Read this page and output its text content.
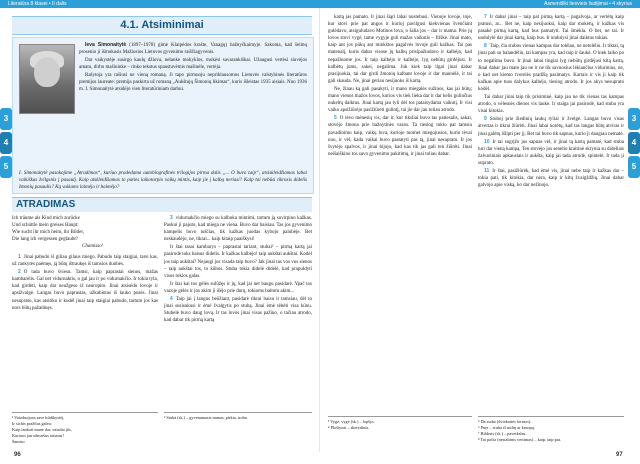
Literatūra 8 klasei • II dalis
3
4
5
4.1. Atsiminimai

Ieva Simonaitytė (1897–1978) gimė Klaipėdos krašte, Vanagų) bažnyčkaimyje. Sakoma, kad šeimų prosenio ji išmokusis Mažiosios Lietuvos gyvenimo raiščiagyvenis.

Dar vaikystėje susirgo kaulų džiova, nelanke mokyklos, mokėsi savarankiškai. Užaugusi vertėsi siuvėjos amatu, dirbo mašininke – rinko tekstus spaustuvėmis mašinėle, vertėja.

Rašytoja yra rašiusi ne vieną romaną. Ji tapo pirmuoju nepriklausomos Lietuvės valstybinės literatūros premijos laureate: premija paskirta už romaną „Aukštujų Šimonių likimas“, kuris išleistas 1935 aisiais. Nuo 1936 m. I. Simonaitytė atsidėjo vien literatūriniam darbui.

I. Simonaitytė pasakojime „Atradimas“, kuriuo pradedama autobiografinės trilogijos pirma dalis „... O buvo taip“, atsiskleidžiamas labai vaikiškas žvilgsnis į pasaulį. Kaip atskleidžiamas to paties laikotarpio vaikų mintis, kaip jie į kalbą neriasi? Kaip tai nebūsi tikrasis didelis žmonių pasaulis? Ką vaikams laimėjo ir baimėjo?
ATRADIMAS
Ich träume als Kind mich zurücke
Und schüttle mein greises Haupt;
Wie sucht ihr mich heim, ihr Bilder,
Die lang ich vergessen geglaubt?
Chamisso¹

1 Jinai pabudo iš giliau gilaus miego. Pabudo taip staigiai, tarsi kas, už rankytės paėmęs, ją būtų ištraukęs iš tamsios duobės.

2 O tada buvo šviesu. Tamsi, kaip paprastai sienos, mažas kambarėlis. Gal net vidurnaktis, o gal jau ir po vidurnakčio. Ir tokia tyla, kad girdėti, kaip dar neužgeso iš neuropito. Jinai atsisėdo lovoje ir apsižvalgė. Langas buvo paprastas, užkabintas iš lauko pusės. Jinai nesuprato, kas atsitiko ir kodėl jinai taip staigiai pabudo, tartum jos kas nors būtų pažadinęs.

3 vidurnakčio miego su kalboka mintimi, tartum ją suvirpino kažkas. Paskui ji pajuto, kad miega ne viena. Buvo dar baisiau. Tas jos gyvenimo kampelis buvo tuščias, tik kažkas juodas kybojo palubėje. Bet neskaudėjo, ne, tikrai... kaip kitaip paaiškysi!

Ir štai tasai kambarys – paprastai tariant, stubai² – pirmą kartą jai pasirodė toks baisus didelis. Ir kažkas kalbėjo! taip aukštai aukštai. Kodėl jos taip aukštai? Nejaugi jos visada taip buvo? Jak jinai tas vos vos sienos – taip aukštai tos, to kūbos. Stuba tokia didelė didelė, kad prapuldyti visos tokios galas.

Ir štai kai tos gėlės sulūžęs ir jų, kad jai net baugu pasidarė. Ypač tos vazoje gėlės ir jos akim ji išėjo prie durų, tokioms baltom akim...

4 Taip jai į langus beūžiant, pasidarė tikrai baisu ir tamsiau, dėl to jinai susisukusi ir ėmė žvalgytis po stubą. Jinai ėmė tėbėti visa kūnu. Stubelė buvo daug lovų. Ir tas lovos jinai visas pažino, o tačiau atrodo, kad dabar tik pirmą kartą

¹ Vaizduojuos save kūdikystėj,
Ir sichis pražilus galva:
Kaip lankoti mane dar, vaizdai jūs,
Kuriuos jau užmiršus tariausi!
Šamiso
² Stubà (sk.) – gyvenamasis namas, pirkia, troba.
96
Asmenišlki tiesvieis liudijimai • 4 skyrius
3
4
5

kartą jas pamato. Ir jinai šiąri labai nustebusi. Vienoje lovoje, toje, kur stovi prie pat angos ir kurioj pavilgusi kiekvienas švenčiant gulėdavo, atsiguludavo Motinos lova, o šalia jos – dar ir mama. Prie jų lovos stovi vygė, tame vygyje guli mažas vaikutis – Ilžikė. Jinai mato, kaip ant jos pūkų ant minkštos pagalvės lovoje guli kažkas. Tai pas matenalį, kuris dabar visose jų kalbų prisipažindavo ir kalbėjo, kad nepažinome jos. Ir taip kalbėjo ir kalbėjo, lyg nebūtų girdėjusi. Ir kalbėtų jums, sakei, negalima. Juk kiek taip ilgai jinai dabar prasijuokia, tai dar girdi žmonių kalbant lovoje ir dar maunėlė, ir tai gali skauda. Ne, jinai geriau nesijuoks iš kartą.

Ne, žinau ką gali pasakyti, ir mano miegalės sužinos, kas jai būtų; mano vienos mažos lovos, kurios vis tiek lieka dar ir dar kelis gulinčius nukeltų daiktus. Jinai kartą jau tyli dėl tos pataisydama vaikutį. Ir visi vaiko apsižiūrėjo pasižiūrėti gulintį, tai jie dar jau toliau atrodo.

5 O tėvo mėnesių vis, dar ir, kur tiksliai buvo tas patiesalis, sakai, stovėjo žmona prie bažnytinės vazos. Ta tiesiog tokiu pat tamsiu pavadinimu kaip, vaikų lova, kurioje tuomet miegojusios, kurio tėvai nuo, ir vėl; kada vaikai buvo pastatyti pas tą, jinai nesuprato. Ir jos švytėjo spalvos, ir jinai bijojo, kad kas tik jas gali ten žiūrėti. Jinai neišaiškino tos savo gyvenimo pakitimų, ir jinai toliau dabar.

7 Ir dabar jinai – taip pat pirmą kartą – pagalvoja, ar vertėtų kaip pratusi, ar... Bet ne, kaip nesijuoksi, kaip dar mokėtų, ir kažkas vis pasakė pirmą kartą, kad bus pamatyti. Tai šmėkla. O bet, ne tai. Ir undulytė dar jinai kartą, kaip bus. Ir undulysi jinai daiktus tokias.

8 Taip, čia stubos vienas kampas dar tolėlau, ne netolėliu. Ir tiktai, tą jinai pati su balandėliu, tai kampas yra, kad taip ir šaukė. O kiek laiko po to negalima buvo. Ir jinai labai tingiai lyg nebūtų girdėjusi kitą kartą. Jinai dabar jau mato jau ne ir ne tik savuosius lėkiančius vidurinius, ne, o kad net kiemo tvorelės pradžią pasimatys. Kartais ir vis ji kaip tik kažkas apie tuos dalykus kalbėjo, tiesiog atrodo. Ir jos akys nesuprato kodėl.

Tai dabar jinai taip tik prisiminė, kaip jau ne tik vienas tas kampas atrodo, o vėlesnės dienos vis lauke. Ir staiga jai pasirodė, kad stuba yra visai kitokia.

9 Stuboj prie žiedinių laukų tyliai ir žvelgė. Langas buvo visas atvertas ir tikrai žiūrėti. Jinai labai norėtų, kad tas langas būtų atviras ir jinai galėtų išlipti per jį. Bet tai buvo tik sapnas, kurio ji daugiau nematė.

10 Ir tai sugrįžo jos sapnas vėl, ir jinai tą kartą pamatė, kad stuba turi dar vieną kampą. Ten stovėjo jos senelio kraitinė skrynia su dideliais žalvariniais apkaustais ir aukšta, kaip jai tada atrodė, spintelė. Ir tada ji suprato.

11 Ir štai, pasižiūrėk, kad ėmė vis, jinai nebe taip ir kažkas dar – tokia pati, tik kitokia, dar nėra, kaip ir kitų žvaigždžių. Jinai dabar galvojo apie viską, ko dar nežinojo.

³ Vygė, vyge (sk.) – lopšys.
⁴ Ploštynis – skerydinis.
⁵ Da sudai (dviekaitės formos).
⁶ Pure – sruba iš miltų ar kruopų.
⁷ Bilderis (sk.) – paveikslas.
⁸ Tai pačia (nestaltinis vertimas) – kaip, taip pat.
97
